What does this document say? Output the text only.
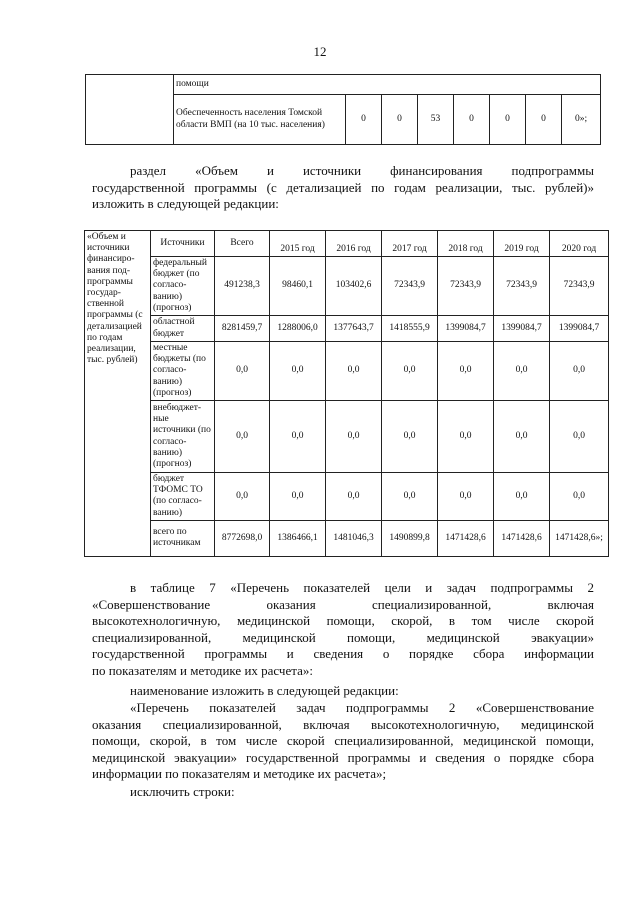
12
	помощи							
	Обеспеченность населения Томской области ВМП (на 10 тыс. населения)	0	0	53	0	0	0	0»;
раздел «Объем и источники финансирования подпрограммы
государственной программы (с детализацией по годам реализации, тыс. рублей)»
изложить в следующей редакции:
«Объем и источники финансиро-вания под-программы государ-ственной программы (с детализацией по годам реализации, тыс. рублей)	Источники	Всего	2015 год	2016 год	2017 год	2018 год	2019 год	2020 год
	федеральный бюджет (по согласо-ванию) (прогноз)	491238,3	98460,1	103402,6	72343,9	72343,9	72343,9	72343,9
	областной бюджет	8281459,7	1288006,0	1377643,7	1418555,9	1399084,7	1399084,7	1399084,7
	местные бюджеты (по согласо-ванию) (прогноз)	0,0	0,0	0,0	0,0	0,0	0,0	0,0
	внебюджет-ные источники (по согласо-ванию) (прогноз)	0,0	0,0	0,0	0,0	0,0	0,0	0,0
	бюджет ТФОМС ТО (по согласо-ванию)	0,0	0,0	0,0	0,0	0,0	0,0	0,0
	всего по источникам	8772698,0	1386466,1	1481046,3	1490899,8	1471428,6	1471428,6	1471428,6»;
в таблице 7 «Перечень показателей цели и задач подпрограммы 2
«Совершенствование оказания специализированной, включая
высокотехнологичную, медицинской помощи, скорой, в том числе скорой
специализированной, медицинской помощи, медицинской эвакуации»
государственной программы и сведения о порядке сбора информации
по показателям и методике их расчета»:
наименование изложить в следующей редакции:
«Перечень показателей задач подпрограммы 2 «Совершенствование
оказания специализированной, включая высокотехнологичную, медицинской
помощи, скорой, в том числе скорой специализированной, медицинской помощи,
медицинской эвакуации» государственной программы и сведения о порядке сбора
информации по показателям и методике их расчета»;
исключить строки:
